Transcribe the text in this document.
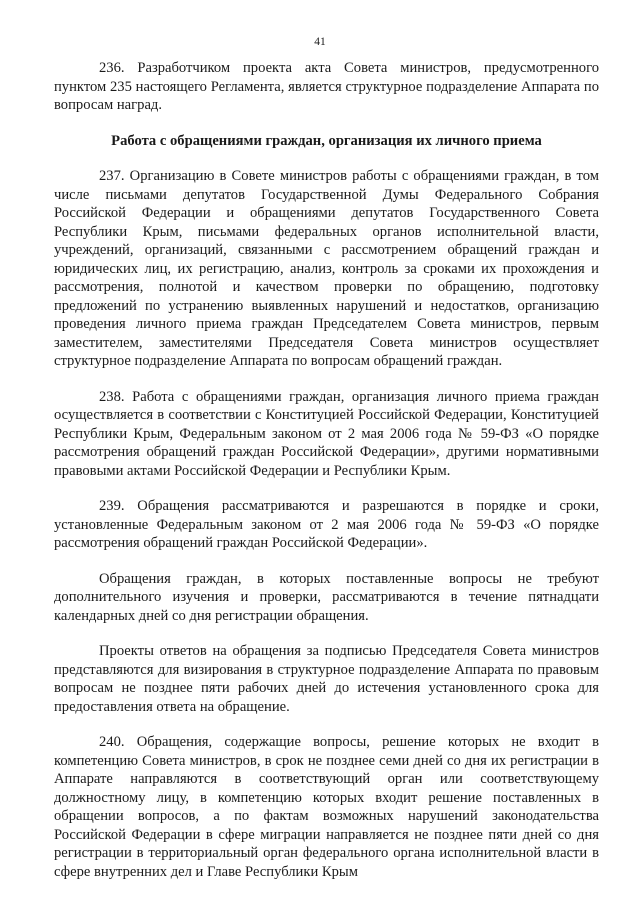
41

236. Разработчиком проекта акта Совета министров, предусмотренного пунктом 235 настоящего Регламента, является структурное подразделение Аппарата по вопросам наград.

Работа с обращениями граждан, организация их личного приема

237. Организацию в Совете министров работы с обращениями граждан, в том числе письмами депутатов Государственной Думы Федерального Собрания Российской Федерации и обращениями депутатов Государственного Совета Республики Крым, письмами федеральных органов исполнительной власти, учреждений, организаций, связанными с рассмотрением обращений граждан и юридических лиц, их регистрацию, анализ, контроль за сроками их прохождения и рассмотрения, полнотой и качеством проверки по обращению, подготовку предложений по устранению выявленных нарушений и недостатков, организацию проведения личного приема граждан Председателем Совета министров, первым заместителем, заместителями Председателя Совета министров осуществляет структурное подразделение Аппарата по вопросам обращений граждан.

238. Работа с обращениями граждан, организация личного приема граждан осуществляется в соответствии с Конституцией Российской Федерации, Конституцией Республики Крым, Федеральным законом от 2 мая 2006 года № 59-ФЗ «О порядке рассмотрения обращений граждан Российской Федерации», другими нормативными правовыми актами Российской Федерации и Республики Крым.

239. Обращения рассматриваются и разрешаются в порядке и сроки, установленные Федеральным законом от 2 мая 2006 года № 59-ФЗ «О порядке рассмотрения обращений граждан Российской Федерации».

Обращения граждан, в которых поставленные вопросы не требуют дополнительного изучения и проверки, рассматриваются в течение пятнадцати календарных дней со дня регистрации обращения.

Проекты ответов на обращения за подписью Председателя Совета министров представляются для визирования в структурное подразделение Аппарата по правовым вопросам не позднее пяти рабочих дней до истечения установленного срока для предоставления ответа на обращение.

240. Обращения, содержащие вопросы, решение которых не входит в компетенцию Совета министров, в срок не позднее семи дней со дня их регистрации в Аппарате направляются в соответствующий орган или соответствующему должностному лицу, в компетенцию которых входит решение поставленных в обращении вопросов, а по фактам возможных нарушений законодательства Российской Федерации в сфере миграции направляется не позднее пяти дней со дня регистрации в территориальный орган федерального органа исполнительной власти в сфере внутренних дел и Главе Республики Крым
